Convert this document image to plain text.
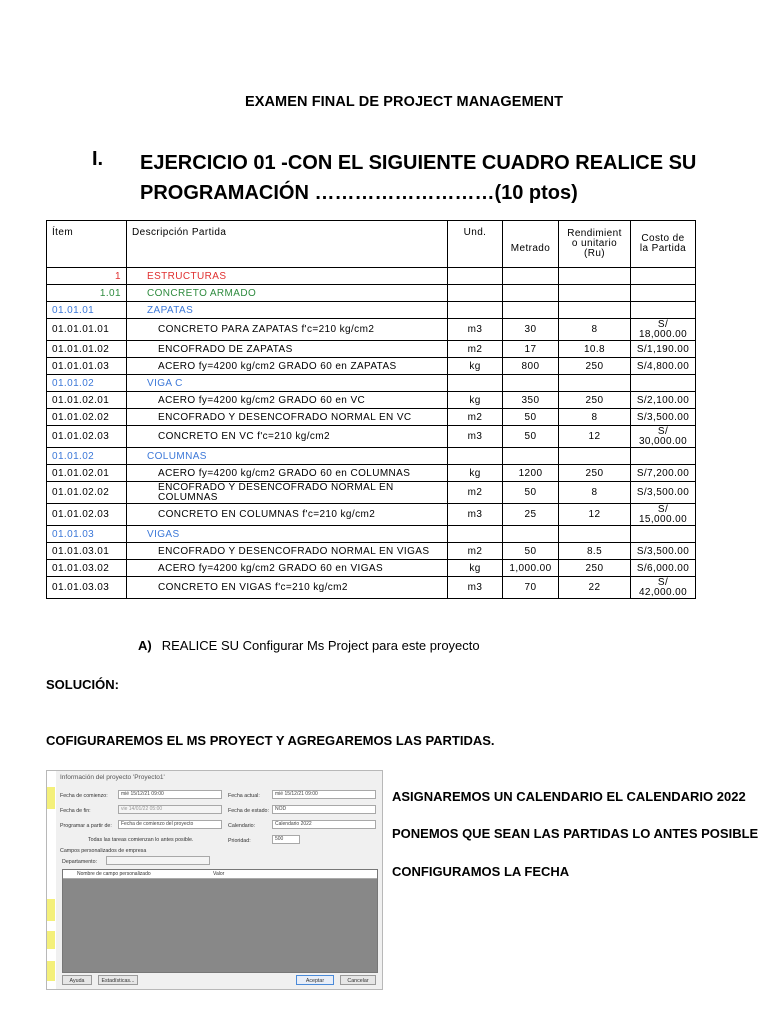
EXAMEN FINAL DE PROJECT MANAGEMENT
I. EJERCICIO 01 -CON EL SIGUIENTE CUADRO REALICE SU
PROGRAMACIÓN ………………………(10 ptos)
Ítem	Descripción Partida	Und.	Metrado	Rendimient o unitario (Ru)	Costo de la Partida
1	ESTRUCTURAS				
1.01	CONCRETO ARMADO				
01.01.01	ZAPATAS				
01.01.01.01	CONCRETO PARA ZAPATAS f'c=210 kg/cm2	m3	30	8	S/ 18,000.00
01.01.01.02	ENCOFRADO DE ZAPATAS	m2	17	10.8	S/1,190.00
01.01.01.03	ACERO fy=4200 kg/cm2 GRADO 60 en ZAPATAS	kg	800	250	S/4,800.00
01.01.02	VIGA C				
01.01.02.01	ACERO fy=4200 kg/cm2 GRADO 60 en VC	kg	350	250	S/2,100.00
01.01.02.02	ENCOFRADO Y DESENCOFRADO NORMAL EN VC	m2	50	8	S/3,500.00
01.01.02.03	CONCRETO EN VC f'c=210 kg/cm2	m3	50	12	S/ 30,000.00
01.01.02	COLUMNAS				
01.01.02.01	ACERO fy=4200 kg/cm2 GRADO 60 en COLUMNAS	kg	1200	250	S/7,200.00
01.01.02.02	ENCOFRADO Y DESENCOFRADO NORMAL EN COLUMNAS	m2	50	8	S/3,500.00
01.01.02.03	CONCRETO EN COLUMNAS f'c=210 kg/cm2	m3	25	12	S/ 15,000.00
01.01.03	VIGAS				
01.01.03.01	ENCOFRADO Y DESENCOFRADO NORMAL EN VIGAS	m2	50	8.5	S/3,500.00
01.01.03.02	ACERO fy=4200 kg/cm2 GRADO 60 en VIGAS	kg	1,000.00	250	S/6,000.00
01.01.03.03	CONCRETO EN VIGAS f'c=210 kg/cm2	m3	70	22	S/ 42,000.00
A) REALICE SU Configurar Ms Project para este proyecto
SOLUCIÓN:
COFIGURAREMOS EL MS PROYECT Y AGREGAREMOS LAS PARTIDAS.
ASIGNAREMOS UN CALENDARIO EL CALENDARIO 2022
PONEMOS QUE SEAN LAS PARTIDAS LO ANTES POSIBLE
CONFIGURAMOS LA FECHA
Información del proyecto 'Proyecto1'
Fecha de comienzo:	mié 15/12/21 09:00
Fecha de fin:	vie 14/01/22 05:00
Programar a partir de:	Fecha de comienzo del proyecto
Todas las tareas comienzan lo antes posible.
Fecha actual:	mié 15/12/21 09:00
Fecha de estado:	NOD
Calendario:	Calendario 2022
Prioridad:	500
Campos personalizados de empresa
Departamento:
Nombre de campo personalizado	Valor
Ayuda	Estadísticas...	Aceptar	Cancelar
